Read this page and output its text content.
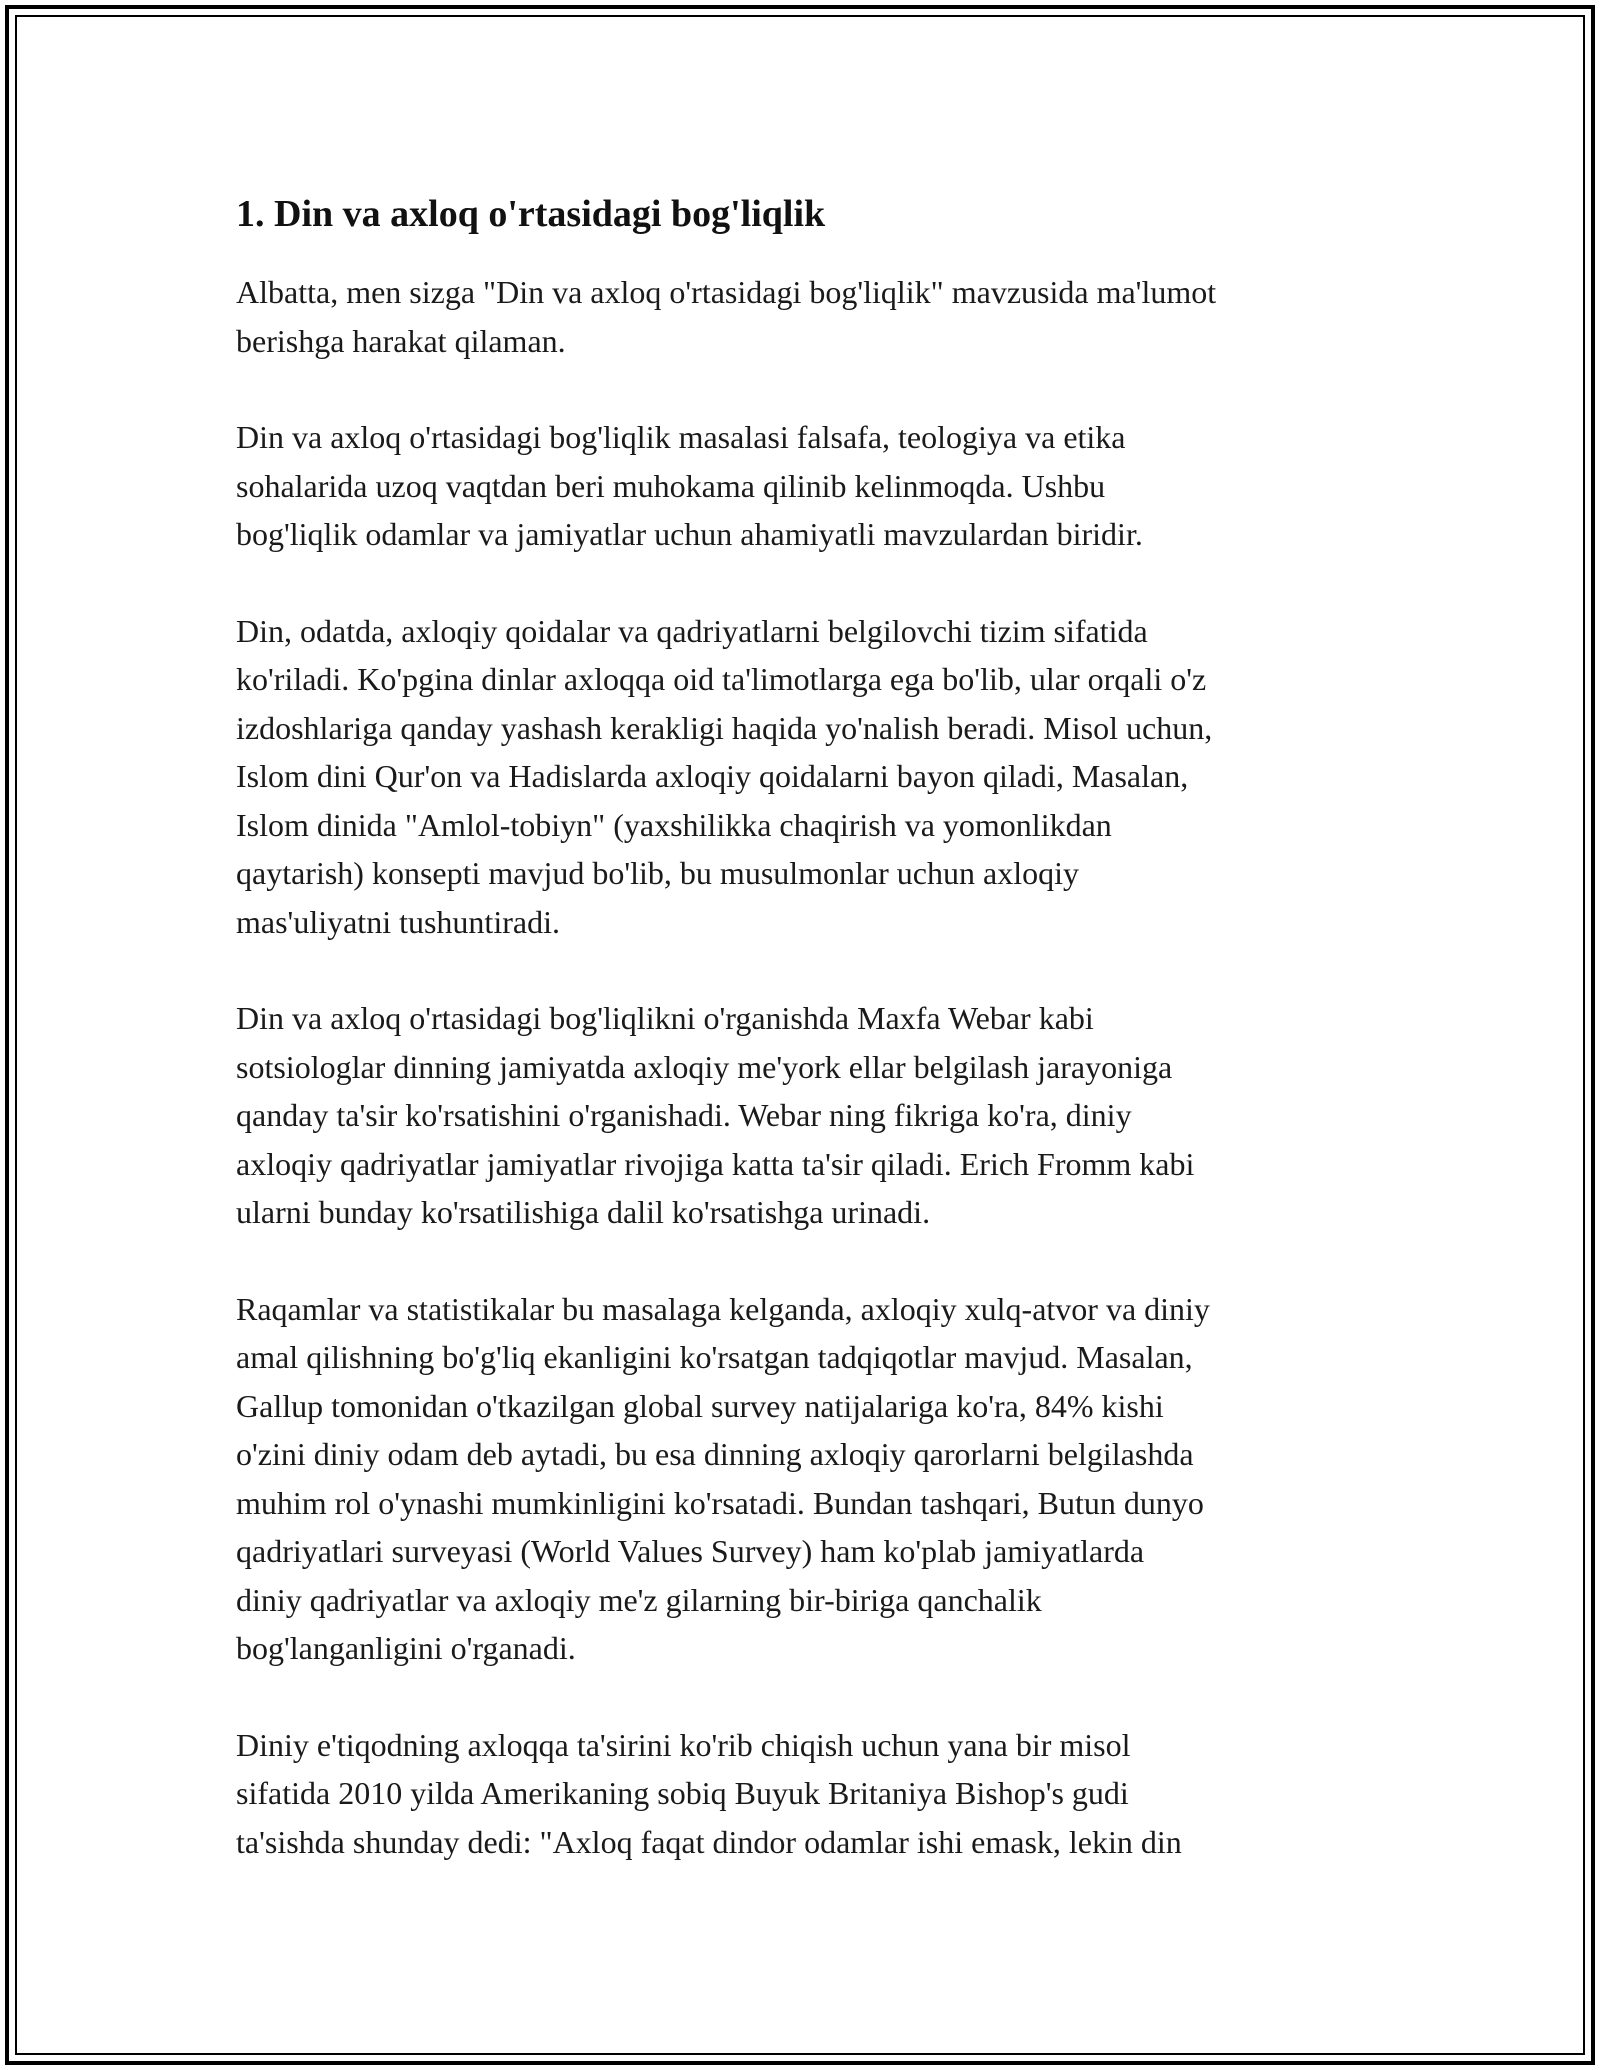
1. Din va axloq o'rtasidagi bog'liqlik

Albatta, men sizga "Din va axloq o'rtasidagi bog'liqlik" mavzusida ma'lumot
berishga harakat qilaman.

Din va axloq o'rtasidagi bog'liqlik masalasi falsafa, teologiya va etika
sohalarida uzoq vaqtdan beri muhokama qilinib kelinmoqda. Ushbu
bog'liqlik odamlar va jamiyatlar uchun ahamiyatli mavzulardan biridir.

Din, odatda, axloqiy qoidalar va qadriyatlarni belgilovchi tizim sifatida
ko'riladi. Ko'pgina dinlar axloqqa oid ta'limotlarga ega bo'lib, ular orqali o'z
izdoshlariga qanday yashash kerakligi haqida yo'nalish beradi. Misol uchun,
Islom dini Qur'on va Hadislarda axloqiy qoidalarni bayon qiladi, Masalan,
Islom dinida "Amlol-tobiyn" (yaxshilikka chaqirish va yomonlikdan
qaytarish) konsepti mavjud bo'lib, bu musulmonlar uchun axloqiy
mas'uliyatni tushuntiradi.

Din va axloq o'rtasidagi bog'liqlikni o'rganishda Maxfa Webar kabi
sotsiologlar dinning jamiyatda axloqiy me'york ellar belgilash jarayoniga
qanday ta'sir ko'rsatishini o'rganishadi. Webar ning fikriga ko'ra, diniy
axloqiy qadriyatlar jamiyatlar rivojiga katta ta'sir qiladi. Erich Fromm kabi
ularni bunday ko'rsatilishiga dalil ko'rsatishga urinadi.

Raqamlar va statistikalar bu masalaga kelganda, axloqiy xulq-atvor va diniy
amal qilishning bo'g'liq ekanligini ko'rsatgan tadqiqotlar mavjud. Masalan,
Gallup tomonidan o'tkazilgan global survey natijalariga ko'ra, 84% kishi
o'zini diniy odam deb aytadi, bu esa dinning axloqiy qarorlarni belgilashda
muhim rol o'ynashi mumkinligini ko'rsatadi. Bundan tashqari, Butun dunyo
qadriyatlari surveyasi (World Values Survey) ham ko'plab jamiyatlarda
diniy qadriyatlar va axloqiy me'z gilarning bir-biriga qanchalik
bog'langanligini o'rganadi.

Diniy e'tiqodning axloqqa ta'sirini ko'rib chiqish uchun yana bir misol
sifatida 2010 yilda Amerikaning sobiq Buyuk Britaniya Bishop's gudi
ta'sishda shunday dedi: "Axloq faqat dindor odamlar ishi emask, lekin din
